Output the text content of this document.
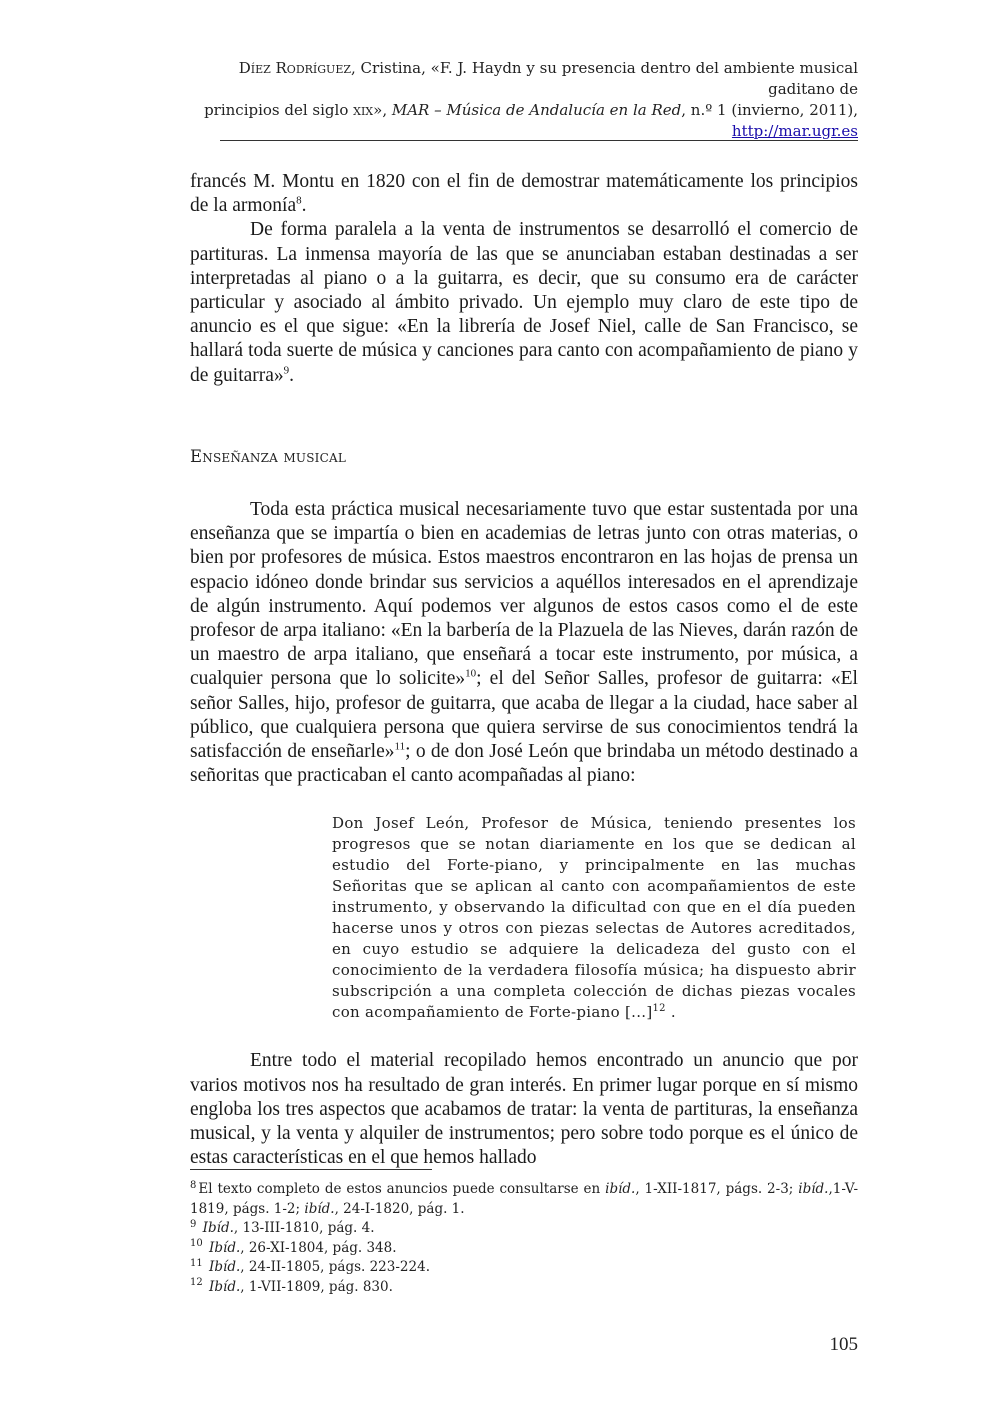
Díez Rodríguez, Cristina, «F. J. Haydn y su presencia dentro del ambiente musical gaditano de
principios del siglo xix», MAR – Música de Andalucía en la Red, n.º 1 (invierno, 2011),
http://mar.ugr.es

francés M. Montu en 1820 con el fin de demostrar matemáticamente los principios de la armonía$^8$.

De forma paralela a la venta de instrumentos se desarrolló el comercio de partituras. La inmensa mayoría de las que se anunciaban estaban destinadas a ser interpretadas al piano o a la guitarra, es decir, que su consumo era de carácter particular y asociado al ámbito privado. Un ejemplo muy claro de este tipo de anuncio es el que sigue: «En la librería de Josef Niel, calle de San Francisco, se hallará toda suerte de música y canciones para canto con acompañamiento de piano y de guitarra»$^9$.

Enseñanza musical

Toda esta práctica musical necesariamente tuvo que estar sustentada por una enseñanza que se impartía o bien en academias de letras junto con otras materias, o bien por profesores de música. Estos maestros encontraron en las hojas de prensa un espacio idóneo donde brindar sus servicios a aquéllos interesados en el aprendizaje de algún instrumento. Aquí podemos ver algunos de estos casos como el de este profesor de arpa italiano: «En la barbería de la Plazuela de las Nieves, darán razón de un maestro de arpa italiano, que enseñará a tocar este instrumento, por música, a cualquier persona que lo solicite»$^{10}$; el del Señor Salles, profesor de guitarra: «El señor Salles, hijo, profesor de guitarra, que acaba de llegar a la ciudad, hace saber al público, que cualquiera persona que quiera servirse de sus conocimientos tendrá la satisfacción de enseñarle»$^{11}$; o de don José León que brindaba un método destinado a señoritas que practicaban el canto acompañadas al piano:

Don Josef León, Profesor de Música, teniendo presentes los progresos que se notan diariamente en los que se dedican al estudio del Forte-piano, y principalmente en las muchas Señoritas que se aplican al canto con acompañamientos de este instrumento, y observando la dificultad con que en el día pueden hacerse unos y otros con piezas selectas de Autores acreditados, en cuyo estudio se adquiere la delicadeza del gusto con el conocimiento de la verdadera filosofía música; ha dispuesto abrir subscripción a una completa colección de dichas piezas vocales con acompañamiento de Forte-piano [...]$^{12}$ .

Entre todo el material recopilado hemos encontrado un anuncio que por varios motivos nos ha resultado de gran interés. En primer lugar porque en sí mismo engloba los tres aspectos que acabamos de tratar: la venta de partituras, la enseñanza musical, y la venta y alquiler de instrumentos; pero sobre todo porque es el único de estas características en el que hemos hallado

$^8$ El texto completo de estos anuncios puede consultarse en ibíd., 1-XII-1817, págs. 2-3; ibíd.,1-V-1819, págs. 1-2; ibíd., 24-I-1820, pág. 1.

$^9$ Ibíd., 13-III-1810, pág. 4.

$^{10}$ Ibíd., 26-XI-1804, pág. 348.

$^{11}$ Ibíd., 24-II-1805, págs. 223-224.

$^{12}$ Ibíd., 1-VII-1809, pág. 830.

105
